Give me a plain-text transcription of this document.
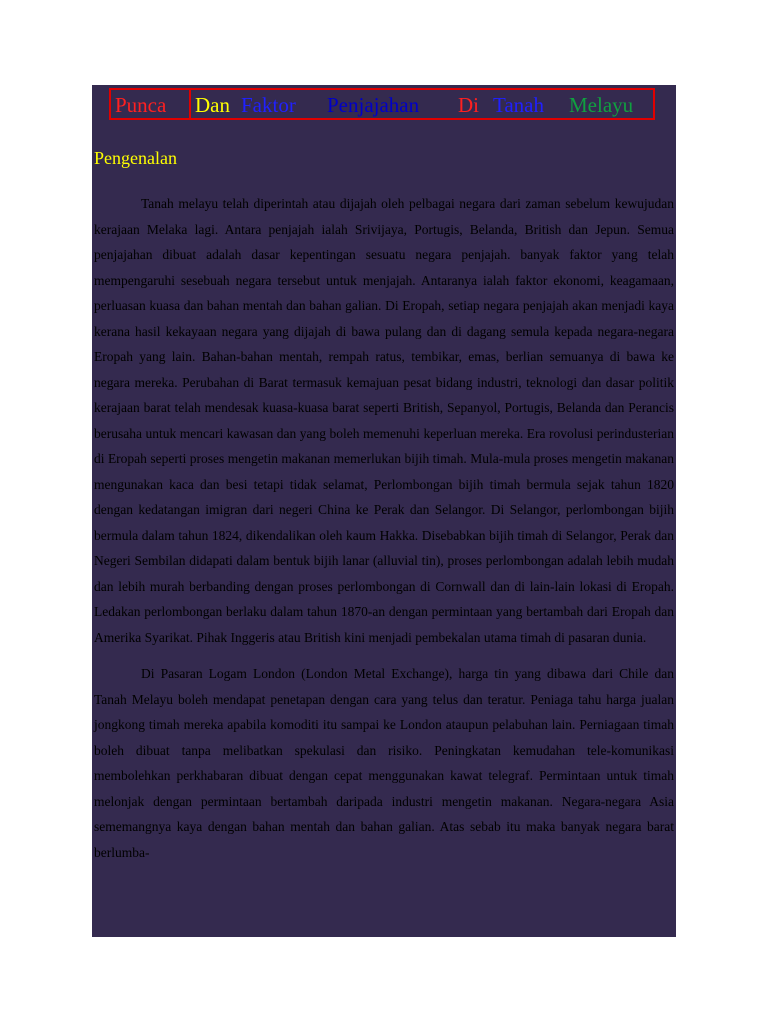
Punca Dan Faktor Penjajahan Di Tanah Melayu
Pengenalan

Tanah melayu telah diperintah atau dijajah oleh pelbagai negara dari zaman sebelum kewujudan kerajaan Melaka lagi. Antara penjajah ialah Srivijaya, Portugis, Belanda, British dan Jepun. Semua penjajahan dibuat adalah dasar kepentingan sesuatu negara penjajah. banyak faktor yang telah mempengaruhi sesebuah negara tersebut untuk menjajah. Antaranya ialah faktor ekonomi, keagamaan, perluasan kuasa dan bahan mentah dan bahan galian. Di Eropah, setiap negara penjajah akan menjadi kaya kerana hasil kekayaan negara yang dijajah di bawa pulang dan di dagang semula kepada negara-negara Eropah yang lain. Bahan-bahan mentah, rempah ratus, tembikar, emas, berlian semuanya di bawa ke negara mereka. Perubahan di Barat termasuk kemajuan pesat bidang industri, teknologi dan dasar politik kerajaan barat telah mendesak kuasa-kuasa barat seperti British, Sepanyol, Portugis, Belanda dan Perancis berusaha untuk mencari kawasan dan yang boleh memenuhi keperluan mereka. Era rovolusi perindusterian di Eropah seperti proses mengetin makanan memerlukan bijih timah. Mula-mula proses mengetin makanan mengunakan kaca dan besi tetapi tidak selamat, Perlombongan bijih timah bermula sejak tahun 1820 dengan kedatangan imigran dari negeri China ke Perak dan Selangor. Di Selangor, perlombongan bijih bermula dalam tahun 1824, dikendalikan oleh kaum Hakka. Disebabkan bijih timah di Selangor, Perak dan Negeri Sembilan didapati dalam bentuk bijih lanar (alluvial tin), proses perlombongan adalah lebih mudah dan lebih murah berbanding dengan proses perlombongan di Cornwall dan di lain-lain lokasi di Eropah. Ledakan perlombongan berlaku dalam tahun 1870-an dengan permintaan yang bertambah dari Eropah dan Amerika Syarikat. Pihak Inggeris atau British kini menjadi pembekalan utama timah di pasaran dunia.

Di Pasaran Logam London (London Metal Exchange), harga tin yang dibawa dari Chile dan Tanah Melayu boleh mendapat penetapan dengan cara yang telus dan teratur. Peniaga tahu harga jualan jongkong timah mereka apabila komoditi itu sampai ke London ataupun pelabuhan lain. Perniagaan timah boleh dibuat tanpa melibatkan spekulasi dan risiko. Peningkatan kemudahan tele-komunikasi membolehkan perkhabaran dibuat dengan cepat menggunakan kawat telegraf. Permintaan untuk timah melonjak dengan permintaan bertambah daripada industri mengetin makanan. Negara-negara Asia sememangnya kaya dengan bahan mentah dan bahan galian. Atas sebab itu maka banyak negara barat berlumba-
